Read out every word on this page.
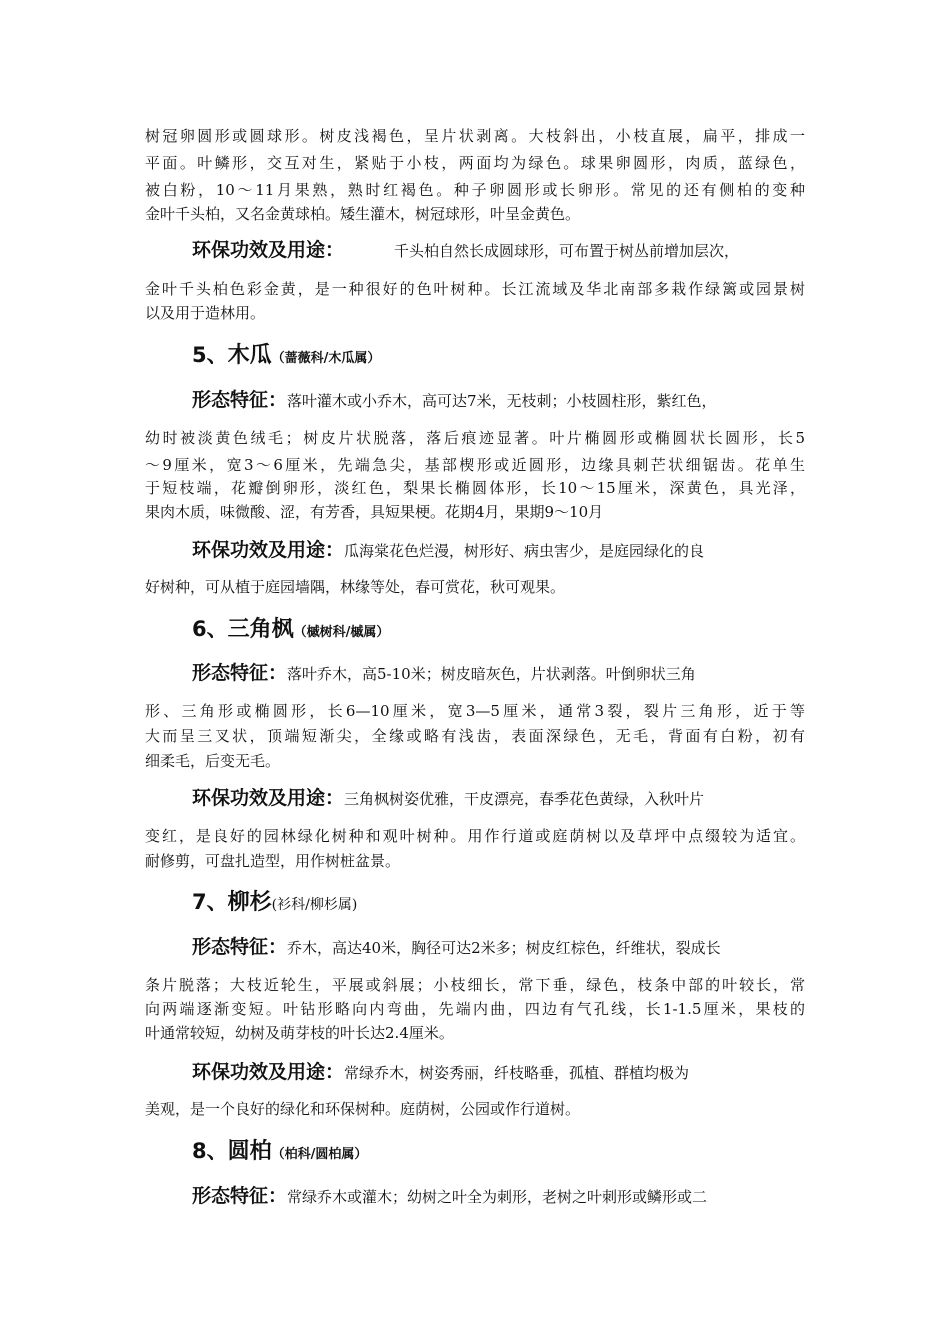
树冠卵圆形或圆球形。树皮浅褐色，呈片状剥离。大枝斜出，小枝直展，扁平，排成一
平面。叶鳞形，交互对生，紧贴于小枝，两面均为绿色。球果卵圆形，肉质，蓝绿色，
被白粉，10～11月果熟，熟时红褐色。种子卵圆形或长卵形。常见的还有侧柏的变种
金叶千头柏，又名金黄球柏。矮生灌木，树冠球形，叶呈金黄色。
环保功效及用途：	千头柏自然长成圆球形，可布置于树丛前增加层次，
金叶千头柏色彩金黄，是一种很好的色叶树种。长江流域及华北南部多栽作绿篱或园景树
以及用于造林用。
5、木瓜（蔷薇科/木瓜属）
形态特征：落叶灌木或小乔木，高可达7米，无枝刺；小枝圆柱形，紫红色，
幼时被淡黄色绒毛；树皮片状脱落，落后痕迹显著。叶片椭圆形或椭圆状长圆形，长5
～9厘米，宽3～6厘米，先端急尖，基部楔形或近圆形，边缘具刺芒状细锯齿。花单生
于短枝端，花瓣倒卵形，淡红色，梨果长椭圆体形，长10～15厘米，深黄色，具光泽，
果肉木质，味微酸、涩，有芳香，具短果梗。花期4月，果期9～10月
环保功效及用途：瓜海棠花色烂漫，树形好、病虫害少，是庭园绿化的良
好树种，可从植于庭园墙隅，林缘等处，春可赏花，秋可观果。
6、三角枫（槭树科/槭属）
形态特征：落叶乔木，高5-10米；树皮暗灰色，片状剥落。叶倒卵状三角
形、三角形或椭圆形，长6—10厘米，宽3—5厘米，通常3裂，裂片三角形，近于等
大而呈三叉状，顶端短渐尖，全缘或略有浅齿，表面深绿色，无毛，背面有白粉，初有
细柔毛，后变无毛。
环保功效及用途：三角枫树姿优雅，干皮漂亮，春季花色黄绿，入秋叶片
变红，是良好的园林绿化树种和观叶树种。用作行道或庭荫树以及草坪中点缀较为适宜。
耐修剪，可盘扎造型，用作树桩盆景。
7、柳杉(衫科/柳杉属)
形态特征：乔木，高达40米，胸径可达2米多；树皮红棕色，纤维状，裂成长
条片脱落；大枝近轮生，平展或斜展；小枝细长，常下垂，绿色，枝条中部的叶较长，常
向两端逐渐变短。叶钻形略向内弯曲，先端内曲，四边有气孔线，长1-1.5厘米，果枝的
叶通常较短，幼树及萌芽枝的叶长达2.4厘米。
环保功效及用途：常绿乔木，树姿秀丽，纤枝略垂，孤植、群植均极为
美观，是一个良好的绿化和环保树种。庭荫树，公园或作行道树。
8、圆柏（柏科/圆柏属）
形态特征：常绿乔木或灌木；幼树之叶全为刺形，老树之叶刺形或鳞形或二
